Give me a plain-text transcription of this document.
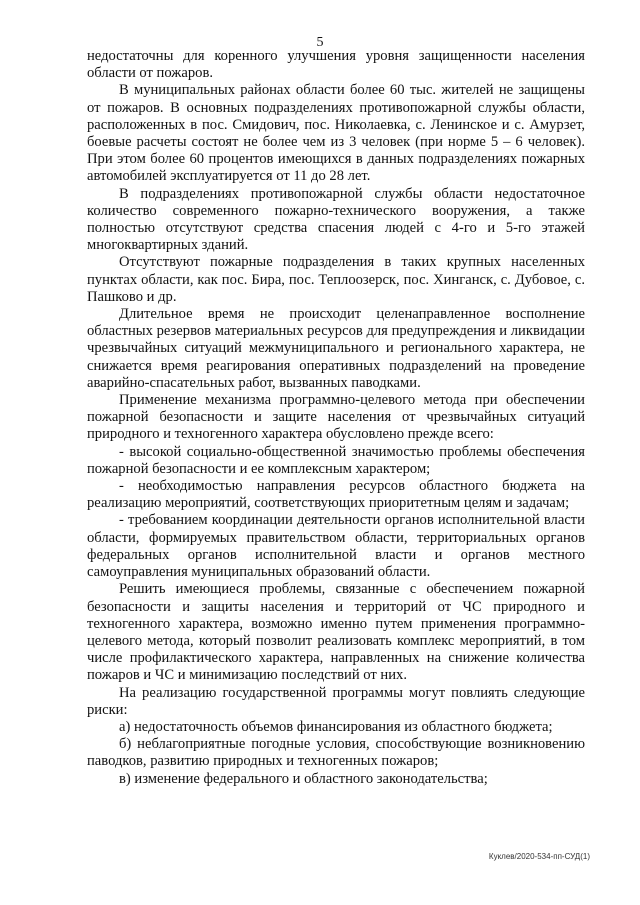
5

недостаточны для коренного улучшения уровня защищенности населения области от пожаров.

В муниципальных районах области более 60 тыс. жителей не защищены от пожаров. В основных подразделениях противопожарной службы области, расположенных в пос. Смидович, пос. Николаевка, с. Ленинское и с. Амурзет, боевые расчеты состоят не более чем из 3 человек (при норме 5 – 6 человек). При этом более 60 процентов имеющихся в данных подразделениях пожарных автомобилей эксплуатируется от 11 до 28 лет.

В подразделениях противопожарной службы области недостаточное количество современного пожарно-технического вооружения, а также полностью отсутствуют средства спасения людей с 4-го и 5-го этажей многоквартирных зданий.

Отсутствуют пожарные подразделения в таких крупных населенных пунктах области, как пос. Бира, пос. Теплоозерск, пос. Хинганск, с. Дубовое, с. Пашково и др.

Длительное время не происходит целенаправленное восполнение областных резервов материальных ресурсов для предупреждения и ликвидации чрезвычайных ситуаций межмуниципального и регионального характера, не снижается время реагирования оперативных подразделений на проведение аварийно-спасательных работ, вызванных паводками.

Применение механизма программно-целевого метода при обеспечении пожарной безопасности и защите населения от чрезвычайных ситуаций природного и техногенного характера обусловлено прежде всего:

- высокой социально-общественной значимостью проблемы обеспечения пожарной безопасности и ее комплексным характером;

- необходимостью направления ресурсов областного бюджета на реализацию мероприятий, соответствующих приоритетным целям и задачам;

- требованием координации деятельности органов исполнительной власти области, формируемых правительством области, территориальных органов федеральных органов исполнительной власти и органов местного самоуправления муниципальных образований области.

Решить имеющиеся проблемы, связанные с обеспечением пожарной безопасности и защиты населения и территорий от ЧС природного и техногенного характера, возможно именно путем применения программно-целевого метода, который позволит реализовать комплекс мероприятий, в том числе профилактического характера, направленных на снижение количества пожаров и ЧС и минимизацию последствий от них.

На реализацию государственной программы могут повлиять следующие риски:

а) недостаточность объемов финансирования из областного бюджета;

б) неблагоприятные погодные условия, способствующие возникновению паводков, развитию природных и техногенных пожаров;

в) изменение федерального и областного законодательства;

Куклев/2020-534-пп-СУД(1)
